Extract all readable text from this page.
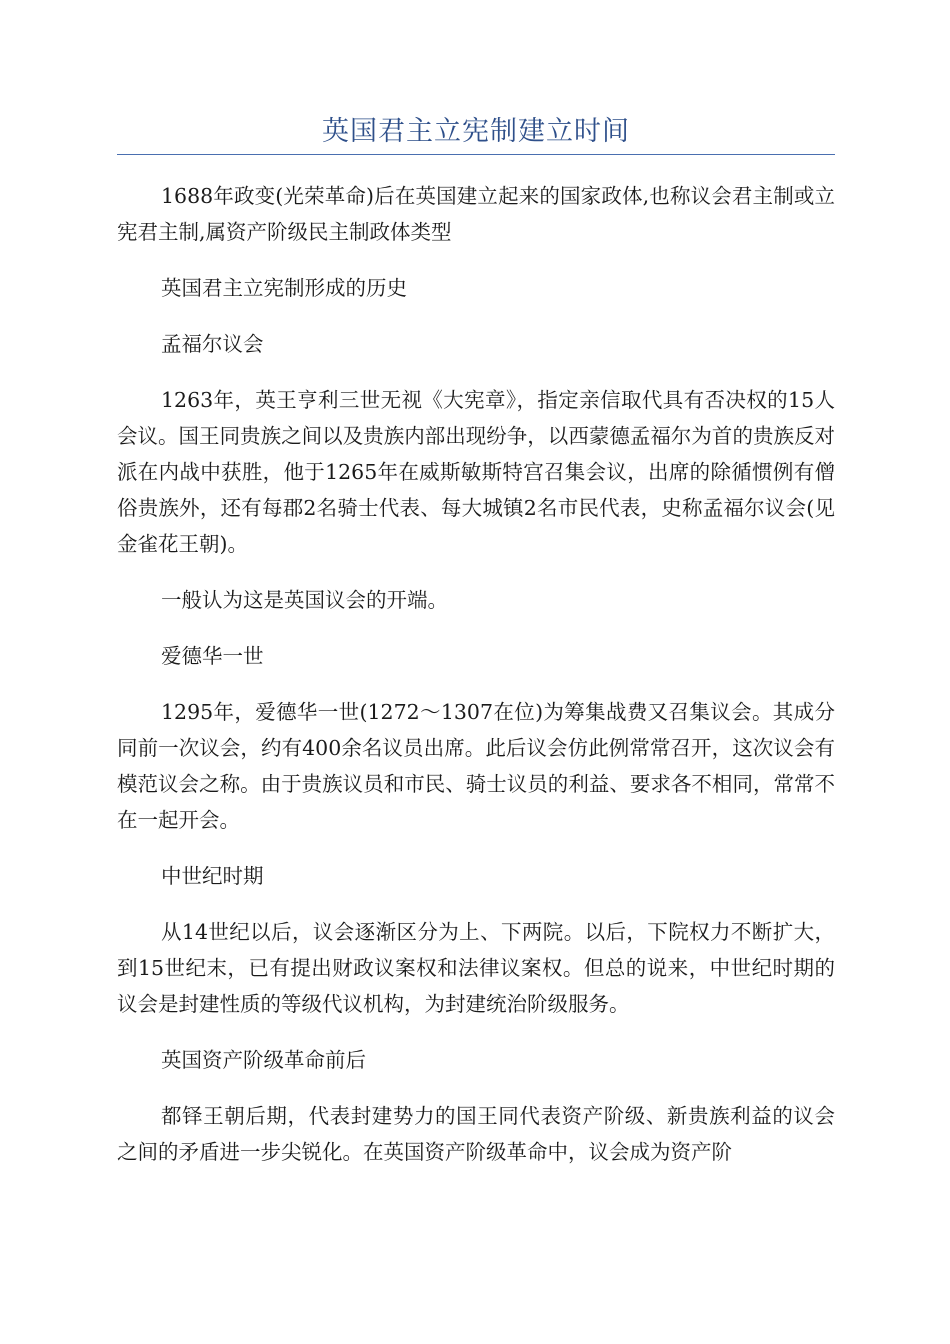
英国君主立宪制建立时间

1688年政变(光荣革命)后在英国建立起来的国家政体,也称议会君主制或立宪君主制,属资产阶级民主制政体类型

英国君主立宪制形成的历史

孟福尔议会

1263年，英王亨利三世无视《大宪章》，指定亲信取代具有否决权的15人会议。国王同贵族之间以及贵族内部出现纷争，以西蒙德孟福尔为首的贵族反对派在内战中获胜，他于1265年在威斯敏斯特宫召集会议，出席的除循惯例有僧俗贵族外，还有每郡2名骑士代表、每大城镇2名市民代表，史称孟福尔议会(见金雀花王朝)。

一般认为这是英国议会的开端。

爱德华一世

1295年，爱德华一世(1272～1307在位)为筹集战费又召集议会。其成分同前一次议会，约有400余名议员出席。此后议会仿此例常常召开，这次议会有模范议会之称。由于贵族议员和市民、骑士议员的利益、要求各不相同，常常不在一起开会。

中世纪时期

从14世纪以后，议会逐渐区分为上、下两院。以后，下院权力不断扩大，到15世纪末，已有提出财政议案权和法律议案权。但总的说来，中世纪时期的议会是封建性质的等级代议机构，为封建统治阶级服务。

英国资产阶级革命前后

都铎王朝后期，代表封建势力的国王同代表资产阶级、新贵族利益的议会之间的矛盾进一步尖锐化。在英国资产阶级革命中，议会成为资产阶
